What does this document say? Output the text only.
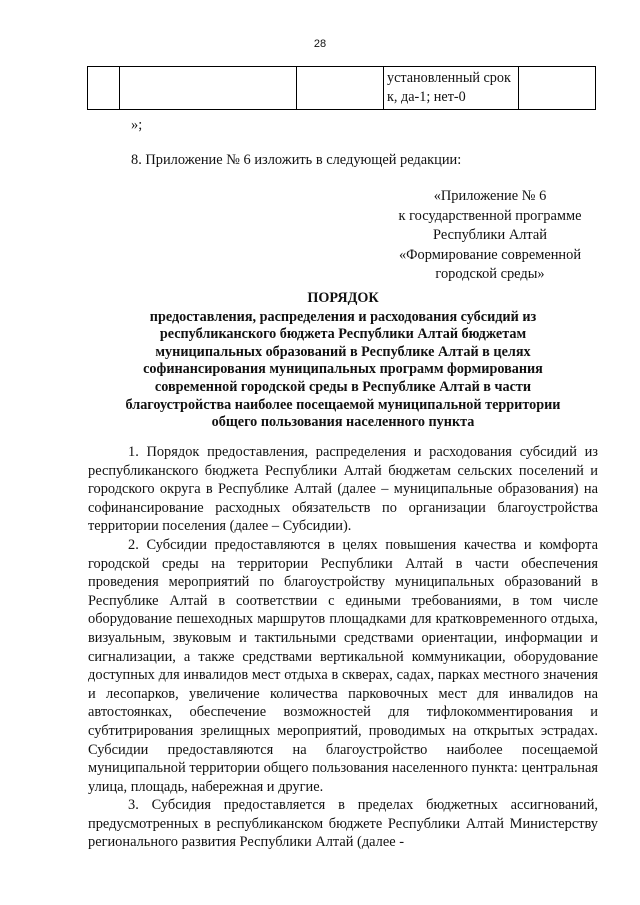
28
			установленный срок к, да-1; нет-0	
»;
8. Приложение № 6 изложить в следующей редакции:
«Приложение № 6
к государственной программе
Республики Алтай
«Формирование современной
городской среды»
ПОРЯДОК
предоставления, распределения и расходования субсидий из
республиканского бюджета Республики Алтай бюджетам
муниципальных образований в Республике Алтай в целях
софинансирования муниципальных программ формирования
современной городской среды в Республике Алтай в части
благоустройства наиболее посещаемой муниципальной территории
общего пользования населенного пункта

1. Порядок предоставления, распределения и расходования субсидий из республиканского бюджета Республики Алтай бюджетам сельских поселений и городского округа в Республике Алтай (далее – муниципальные образования) на софинансирование расходных обязательств по организации благоустройства территории поселения (далее – Субсидии).

2. Субсидии предоставляются в целях повышения качества и комфорта городской среды на территории Республики Алтай в части обеспечения проведения мероприятий по благоустройству муниципальных образований в Республике Алтай в соответствии с едиными требованиями, в том числе оборудование пешеходных маршрутов площадками для кратковременного отдыха, визуальным, звуковым и тактильными средствами ориентации, информации и сигнализации, а также средствами вертикальной коммуникации, оборудование доступных для инвалидов мест отдыха в скверах, садах, парках местного значения и лесопарков, увеличение количества парковочных мест для инвалидов на автостоянках, обеспечение возможностей для тифлокомментирования и субтитрирования зрелищных мероприятий, проводимых на открытых эстрадах. Субсидии предоставляются на благоустройство наиболее посещаемой муниципальной территории общего пользования населенного пункта: центральная улица, площадь, набережная и другие.

3. Субсидия предоставляется в пределах бюджетных ассигнований, предусмотренных в республиканском бюджете Республики Алтай Министерству регионального развития Республики Алтай (далее -
